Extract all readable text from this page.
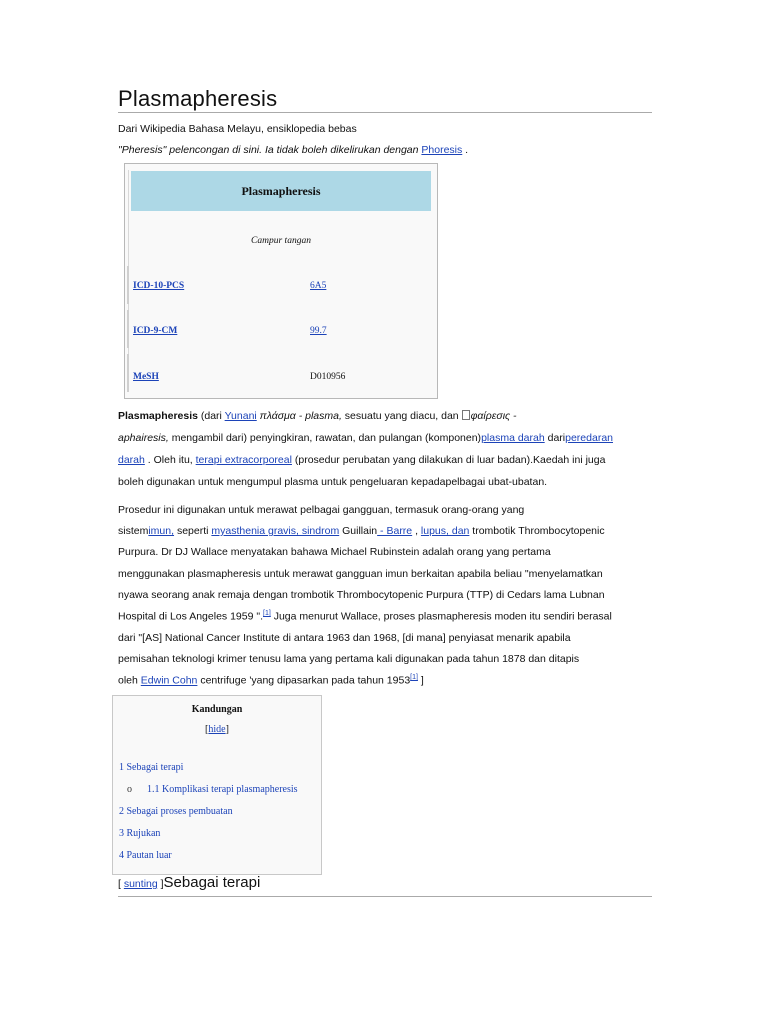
Plasmapheresis
Dari Wikipedia Bahasa Melayu, ensiklopedia bebas
"Pheresis" pelencongan di sini. Ia tidak boleh dikelirukan dengan Phoresis .
Plasmapheresis
Campur tangan
ICD-10-PCS	6A5
ICD-9-CM	99.7
MeSH	D010956
Plasmapheresis (dari Yunani πλάσμα - plasma, sesuatu yang diacu, dan φαίρεσις -
aphairesis, mengambil dari) penyingkiran, rawatan, dan pulangan (komponen)plasma darah dariperedaran
darah . Oleh itu, terapi extracorporeal (prosedur perubatan yang dilakukan di luar badan).Kaedah ini juga
boleh digunakan untuk mengumpul plasma untuk pengeluaran kepadapelbagai ubat-ubatan.
Prosedur ini digunakan untuk merawat pelbagai gangguan, termasuk orang-orang yang
sistemimun, seperti myasthenia gravis, sindrom Guillain - Barre , lupus, dan trombotik Thrombocytopenic
Purpura. Dr DJ Wallace menyatakan bahawa Michael Rubinstein adalah orang yang pertama
menggunakan plasmapheresis untuk merawat gangguan imun berkaitan apabila beliau "menyelamatkan
nyawa seorang anak remaja dengan trombotik Thrombocytopenic Purpura (TTP) di Cedars lama Lubnan
Hospital di Los Angeles 1959 ".[1] Juga menurut Wallace, proses plasmapheresis moden itu sendiri berasal
dari "[AS] National Cancer Institute di antara 1963 dan 1968, [di mana] penyiasat menarik apabila
pemisahan teknologi krimer tenusu lama yang pertama kali digunakan pada tahun 1878 dan ditapis
oleh Edwin Cohn centrifuge 'yang dipasarkan pada tahun 1953[1] ]
Kandungan
[hide]
1 Sebagai terapi
o 1.1 Komplikasi terapi plasmapheresis
2 Sebagai proses pembuatan
3 Rujukan
4 Pautan luar
[ sunting ]Sebagai terapi
